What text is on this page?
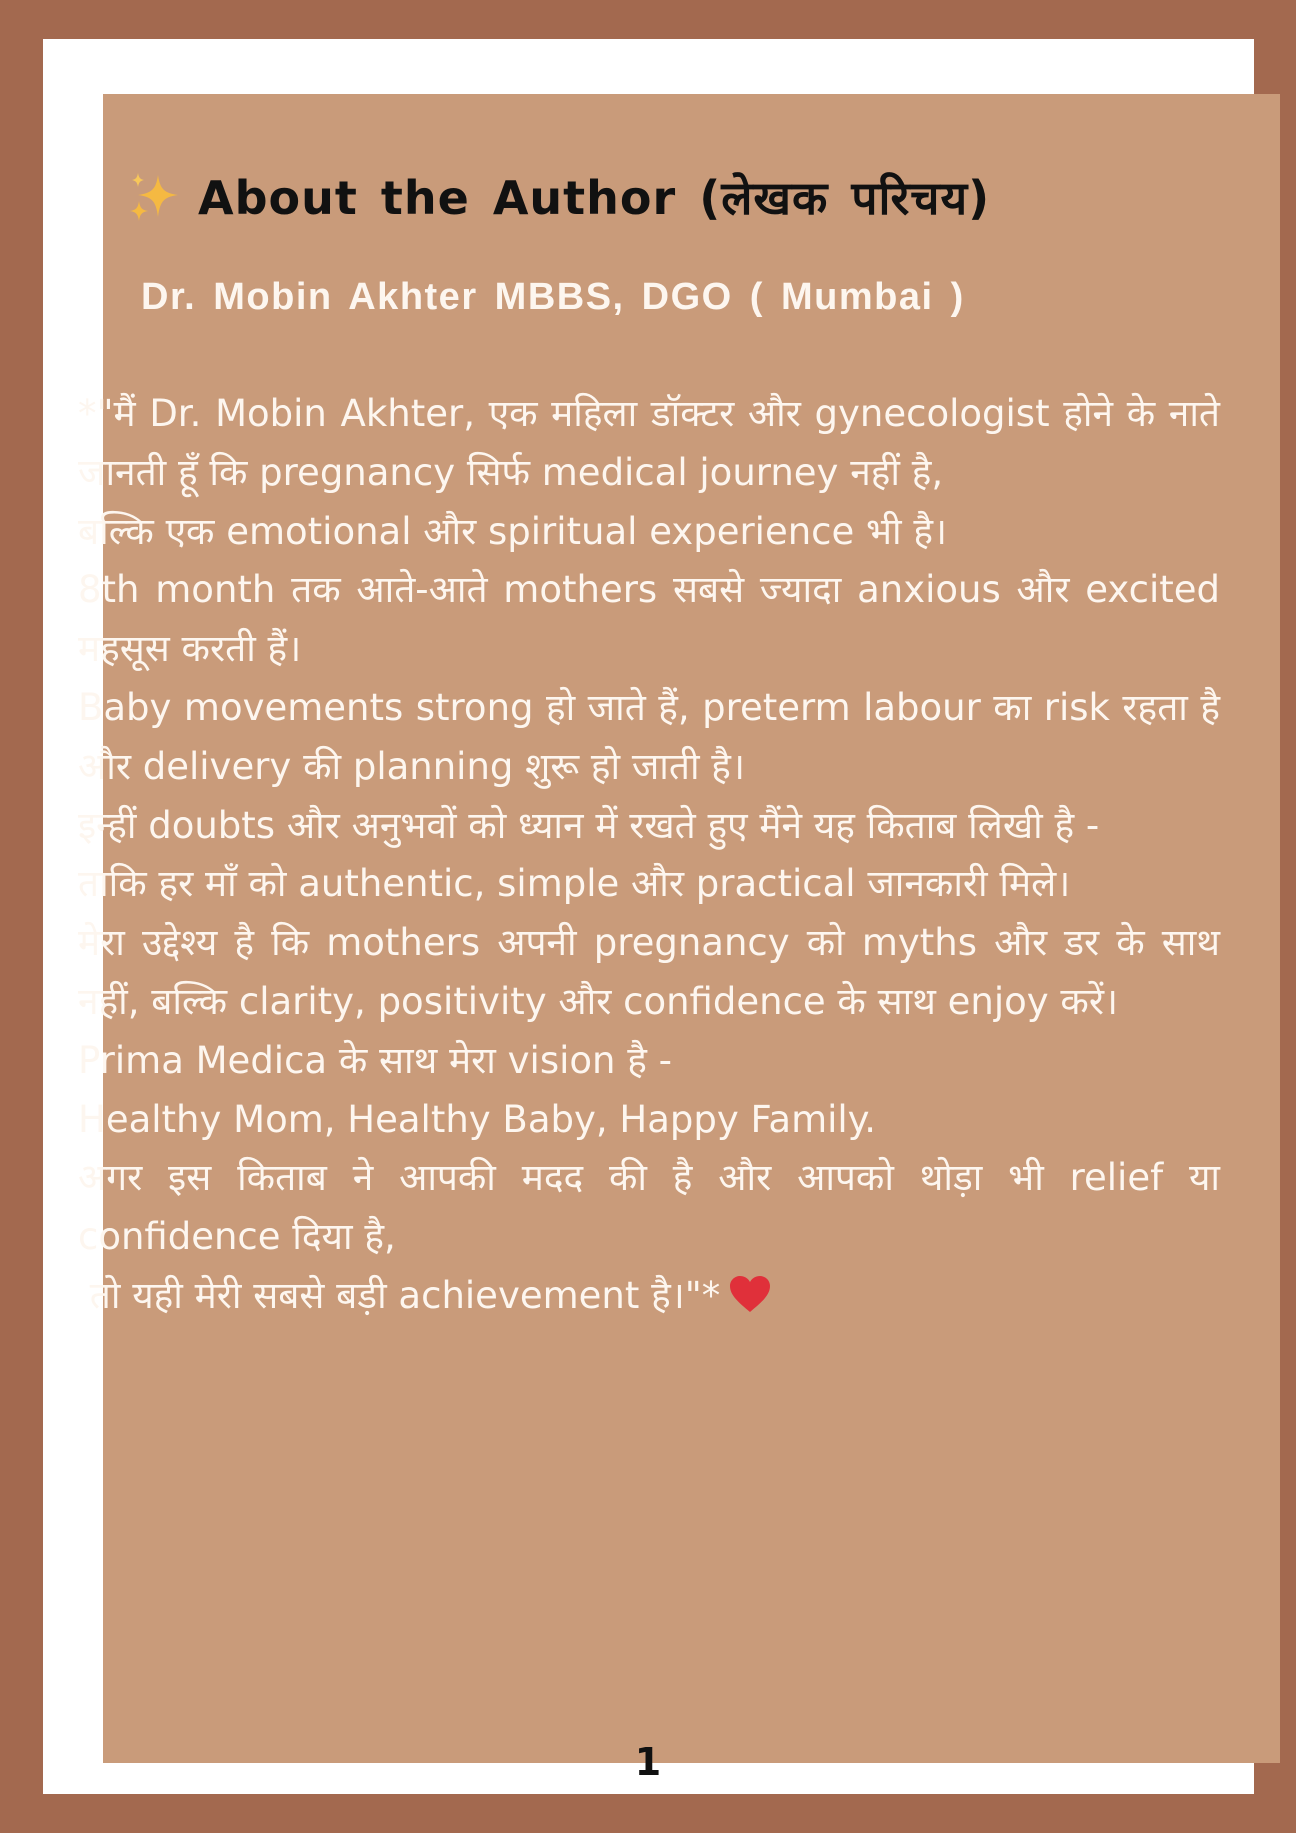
About the Author (लेखक परिचय)
Dr. Mobin Akhter MBBS, DGO ( Mumbai )
*"मैं Dr. Mobin Akhter, एक महिला डॉक्टर और gynecologist होने के नाते जानती हूँ कि pregnancy सिर्फ medical journey नहीं है,
बल्कि एक emotional और spiritual experience भी है।
8th month तक आते-आते mothers सबसे ज्यादा anxious और excited महसूस करती हैं।
Baby movements strong हो जाते हैं, preterm labour का risk रहता है और delivery की planning शुरू हो जाती है।
इन्हीं doubts और अनुभवों को ध्यान में रखते हुए मैंने यह किताब लिखी है -
ताकि हर माँ को authentic, simple और practical जानकारी मिले।
मेरा उद्देश्य है कि mothers अपनी pregnancy को myths और डर के साथ नहीं, बल्कि clarity, positivity और confidence के साथ enjoy करें।
Prima Medica के साथ मेरा vision है -
Healthy Mom, Healthy Baby, Happy Family.
अगर इस किताब ने आपकी मदद की है और आपको थोड़ा भी relief या confidence दिया है,
तो यही मेरी सबसे बड़ी achievement है।"*
1
